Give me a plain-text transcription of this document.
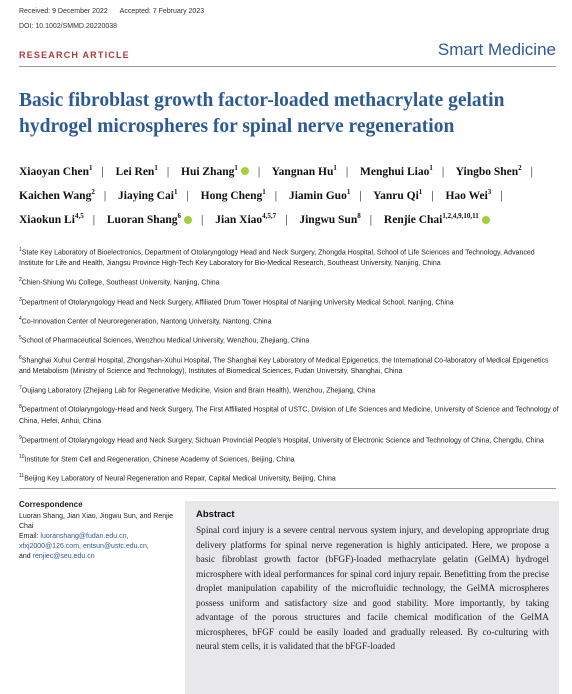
Received: 9 December 2022 Accepted: 7 February 2023
DOI: 10.1002/SMMD.20220038
RESEARCH ARTICLE	Smart Medicine
Basic fibroblast growth factor-loaded methacrylate gelatin hydrogel microspheres for spinal nerve regeneration
Xiaoyan Chen$^1$ | Lei Ren$^1$ | Hui Zhang$^1$ | Yangnan Hu$^1$ | Menghui Liao$^1$ | Yingbo Shen$^2$ | Kaichen Wang$^2$ | Jiaying Cai$^1$ | Hong Cheng$^1$ | Jiamin Guo$^1$ | Yanru Qi$^1$ | Hao Wei$^3$ | Xiaokun Li$^{4,5}$ | Luoran Shang$^6$ | Jian Xiao$^{4,5,7}$ | Jingwu Sun$^8$ | Renjie Chai$^{1,2,4,9,10,11}$
$^1$State Key Laboratory of Bioelectronics, Department of Otolaryngology Head and Neck Surgery, Zhongda Hospital, School of Life Sciences and Technology, Advanced Institute for Life and Health, Jiangsu Province High-Tech Key Laboratory for Bio-Medical Research, Southeast University, Nanjing, China
$^2$Chien-Shiung Wu College, Southeast University, Nanjing, China
$^3$Department of Otolaryngology Head and Neck Surgery, Affiliated Drum Tower Hospital of Nanjing University Medical School, Nanjing, China
$^4$Co-Innovation Center of Neuroregeneration, Nantong University, Nantong, China
$^5$School of Pharmaceutical Sciences, Wenzhou Medical University, Wenzhou, Zhejiang, China
$^6$Shanghai Xuhui Central Hospital, Zhongshan-Xuhui Hospital, The Shanghai Key Laboratory of Medical Epigenetics, the International Co-laboratory of Medical Epigenetics and Metabolism (Ministry of Science and Technology), Institutes of Biomedical Sciences, Fudan University, Shanghai, China
$^7$Oujiang Laboratory (Zhejiang Lab for Regenerative Medicine, Vision and Brain Health), Wenzhou, Zhejiang, China
$^8$Department of Otolaryngology-Head and Neck Surgery, The First Affiliated Hospital of USTC, Division of Life Sciences and Medicine, University of Science and Technology of China, Hefei, Anhui, China
$^9$Department of Otolaryngology Head and Neck Surgery, Sichuan Provincial People's Hospital, University of Electronic Science and Technology of China, Chengdu, China
$^{10}$Institute for Stem Cell and Regeneration, Chinese Academy of Sciences, Beijing, China
$^{11}$Beijing Key Laboratory of Neural Regeneration and Repair, Capital Medical University, Beijing, China
Correspondence
Luoran Shang, Jian Xiao, Jingwu Sun, and Renjie Chai
Email: luoranshang@fudan.edu.cn,
xfxj2000@126.com, entsun@ustc.edu.cn,
and renjiec@seu.edu.cn
Abstract
Spinal cord injury is a severe central nervous system injury, and developing appropriate drug delivery platforms for spinal nerve regeneration is highly anticipated. Here, we propose a basic fibroblast growth factor (bFGF)-loaded methacrylate gelatin (GelMA) hydrogel microsphere with ideal performances for spinal cord injury repair. Benefitting from the precise droplet manipulation capability of the microfluidic technology, the GelMA microspheres possess uniform and satisfactory size and good stability. More importantly, by taking advantage of the porous structures and facile chemical modification of the GelMA microspheres, bFGF could be easily loaded and gradually released. By co-culturing with neural stem cells, it is validated that the bFGF-loaded
